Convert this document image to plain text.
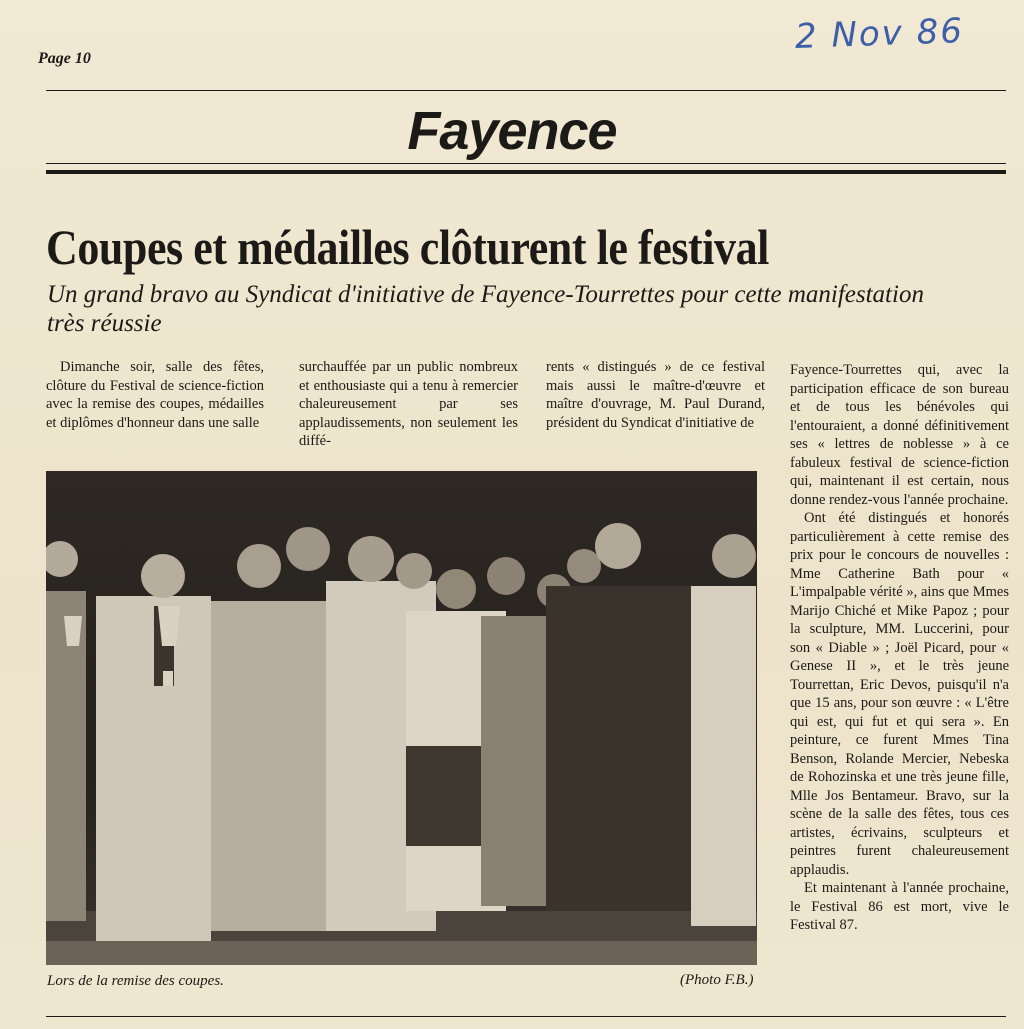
2 Nov 86
Page 10
Fayence
Coupes et médailles clôturent le festival
Un grand bravo au Syndicat d'initiative de Fayence-Tourrettes pour cette manifestation très réussie
Dimanche soir, salle des fêtes, clôture du Festival de science-fiction avec la remise des coupes, médailles et diplômes d'honneur dans une salle
surchauffée par un public nombreux et enthousiaste qui a tenu à remercier chaleureusement par ses applaudissements, non seulement les diffé-
rents « distingués » de ce festival mais aussi le maître-d'œuvre et maître d'ouvrage, M. Paul Durand, président du Syndicat d'initiative de

Fayence-Tourrettes qui, avec la participation efficace de son bureau et de tous les bénévoles qui l'entouraient, a donné définitivement ses « lettres de noblesse » à ce fabuleux festival de science-fiction qui, maintenant il est certain, nous donne rendez-vous l'année prochaine.

Ont été distingués et honorés particulièrement à cette remise des prix pour le concours de nouvelles : Mme Catherine Bath pour « L'impalpable vérité », ains que Mmes Marijo Chiché et Mike Papoz ; pour la sculpture, MM. Luccerini, pour son « Diable » ; Joël Picard, pour « Genese II », et le très jeune Tourrettan, Eric Devos, puisqu'il n'a que 15 ans, pour son œuvre : « L'être qui est, qui fut et qui sera ». En peinture, ce furent Mmes Tina Benson, Rolande Mercier, Nebeska de Rohozinska et une très jeune fille, Mlle Jos Bentameur. Bravo, sur la scène de la salle des fêtes, tous ces artistes, écrivains, sculpteurs et peintres furent chaleureusement applaudis.

Et maintenant à l'année prochaine, le Festival 86 est mort, vive le Festival 87.

Lors de la remise des coupes.	(Photo F.B.)
